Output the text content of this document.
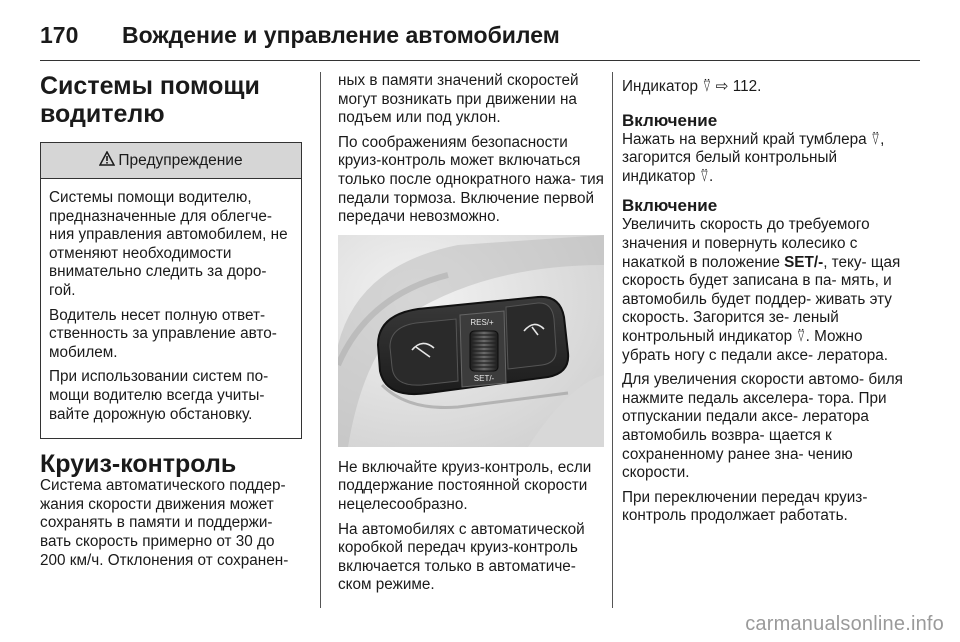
170 Вождение и управление автомобилем
Системы помощи
водителю
Предупреждение

Системы помощи водителю, предназначенные для облегче- ния управления автомобилем, не отменяют необходимости внимательно следить за доро- гой.

Водитель несет полную ответ- ственность за управление авто- мобилем.

При использовании систем по- мощи водителю всегда учиты- вайте дорожную обстановку.

Круиз-контроль

Система автоматического поддер- жания скорости движения может сохранять в памяти и поддержи- вать скорость примерно от 30 до 200 км/ч. Отклонения от сохранен-

ных в памяти значений скоростей могут возникать при движении на подъем или под уклон.

По соображениям безопасности круиз-контроль может включаться только после однократного нажа- тия педали тормоза. Включение первой передачи невозможно.

RES/+
SET/-

Не включайте круиз-контроль, если поддержание постоянной скорости нецелесообразно.

На автомобилях с автоматической коробкой передач круиз-контроль включается только в автоматиче- ском режиме.

Индикатор ⍢ ⇨ 112.

Включение

Нажать на верхний край тумблера ⍢, загорится белый контрольный индикатор ⍢.

Включение

Увеличить скорость до требуемого значения и повернуть колесико с накаткой в положение SET/-, теку- щая скорость будет записана в па- мять, и автомобиль будет поддер- живать эту скорость. Загорится зе- леный контрольный индикатор ⍢. Можно убрать ногу с педали аксе- лератора.

Для увеличения скорости автомо- биля нажмите педаль акселера- тора. При отпускании педали аксе- лератора автомобиль возвра- щается к сохраненному ранее зна- чению скорости.

При переключении передач круиз- контроль продолжает работать.

carmanualsonline.info
